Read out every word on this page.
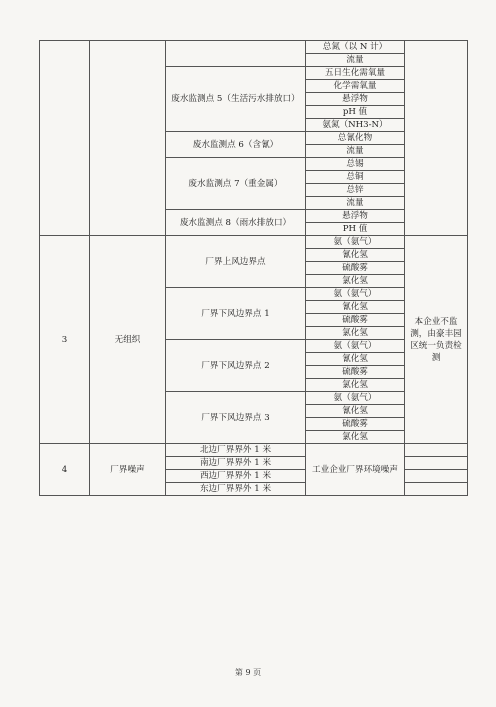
			总氮（以 N 计）	
			流量	
		废水监测点 5（生活污水排放口）	五日生化需氧量	
			化学需氧量	
			悬浮物	
			pH 值	
			氨氮（NH3-N）	
		废水监测点 6（含氰）	总氰化物	
			流量	
		废水监测点 7（重金属）	总锡	
			总铜	
			总锌	
			流量	
		废水监测点 8（雨水排放口）	悬浮物	
			PH 值	
3	无组织	厂界上风边界点	氨（氨气）	本企业不监测，由豪丰园区统一负责检测
			氰化氢	
			硫酸雾	
			氯化氢	
		厂界下风边界点 1	氨（氨气）	
			氰化氢	
			硫酸雾	
			氯化氢	
		厂界下风边界点 2	氨（氨气）	
			氰化氢	
			硫酸雾	
			氯化氢	
		厂界下风边界点 3	氨（氨气）	
			氰化氢	
			硫酸雾	
			氯化氢	
4	厂界噪声	北边厂界界外 1 米	工业企业厂界环境噪声	
		南边厂界界外 1 米		
		西边厂界界外 1 米		
		东边厂界界外 1 米		
第 9 页
